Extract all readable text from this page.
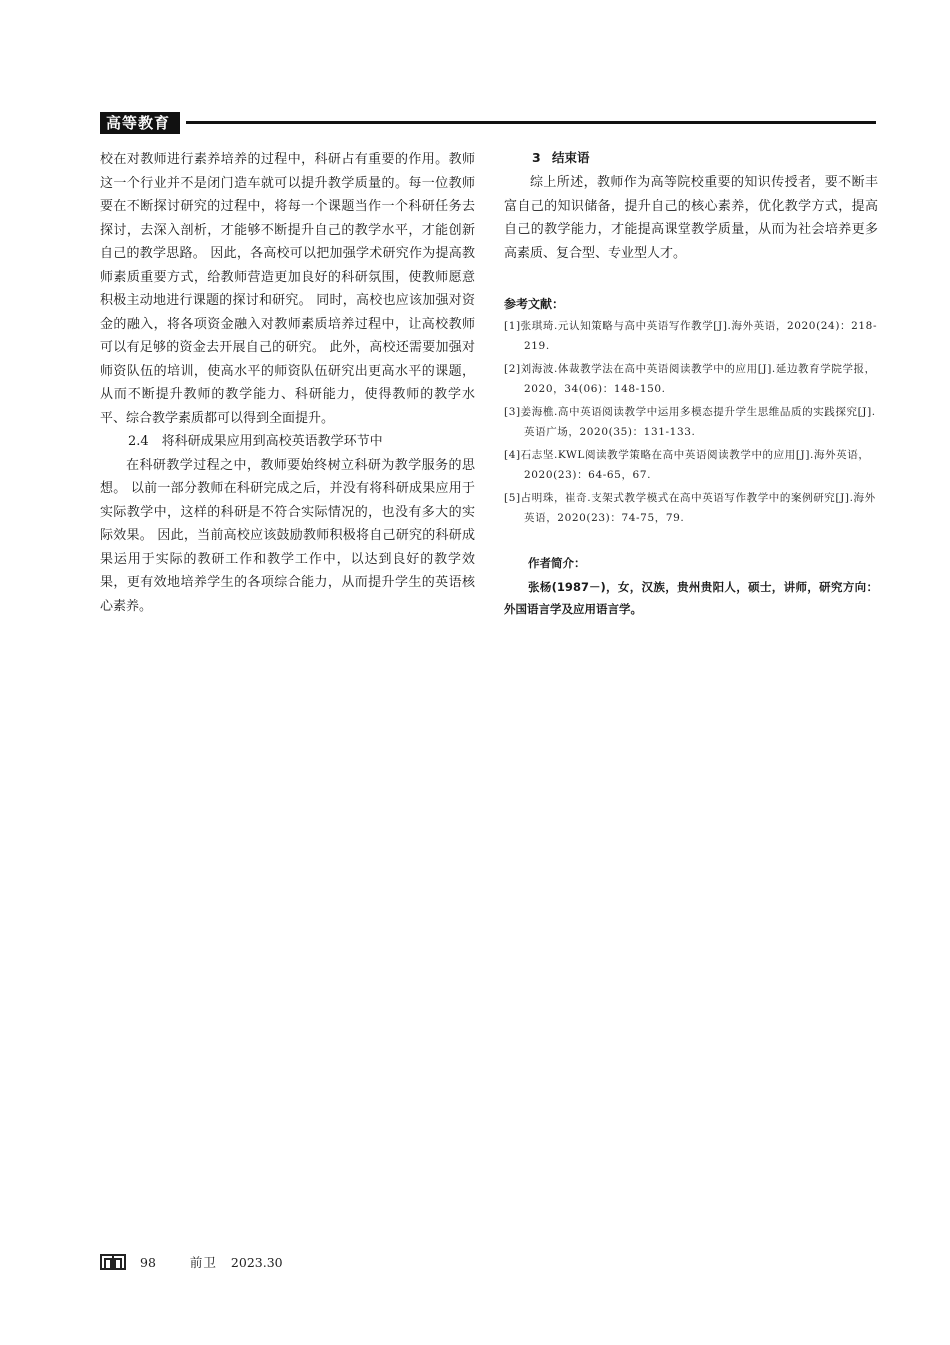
高等教育

校在对教师进行素养培养的过程中，科研占有重要的作用。教师这一个行业并不是闭门造车就可以提升教学质量的。每一位教师要在不断探讨研究的过程中，将每一个课题当作一个科研任务去探讨，去深入剖析，才能够不断提升自己的教学水平，才能创新自己的教学思路。 因此，各高校可以把加强学术研究作为提高教师素质重要方式，给教师营造更加良好的科研氛围，使教师愿意积极主动地进行课题的探讨和研究。 同时，高校也应该加强对资金的融入，将各项资金融入对教师素质培养过程中，让高校教师可以有足够的资金去开展自己的研究。 此外，高校还需要加强对师资队伍的培训，使高水平的师资队伍研究出更高水平的课题，从而不断提升教师的教学能力、科研能力，使得教师的教学水平、综合教学素质都可以得到全面提升。

2.4　将科研成果应用到高校英语教学环节中

在科研教学过程之中，教师要始终树立科研为教学服务的思想。 以前一部分教师在科研完成之后，并没有将科研成果应用于实际教学中，这样的科研是不符合实际情况的，也没有多大的实际效果。 因此，当前高校应该鼓励教师积极将自己研究的科研成果运用于实际的教研工作和教学工作中，以达到良好的教学效果，更有效地培养学生的各项综合能力，从而提升学生的英语核心素养。

3 结束语

综上所述，教师作为高等院校重要的知识传授者，要不断丰富自己的知识储备，提升自己的核心素养，优化教学方式，提高自己的教学能力，才能提高课堂教学质量，从而为社会培养更多高素质、复合型、专业型人才。

参考文献：

[1]张琪琦.元认知策略与高中英语写作教学[J].海外英语，2020(24)：218-219.

[2]刘海波.体裁教学法在高中英语阅读教学中的应用[J].延边教育学院学报，2020，34(06)：148-150.

[3]姜海樵.高中英语阅读教学中运用多模态提升学生思维品质的实践探究[J].英语广场，2020(35)：131-133.

[4]石志坚.KWL阅读教学策略在高中英语阅读教学中的应用[J].海外英语，2020(23)：64-65，67.

[5]占明珠，崔奇.支架式教学模式在高中英语写作教学中的案例研究[J].海外英语，2020(23)：74-75，79.

作者简介：

张杨(1987－)，女，汉族，贵州贵阳人，硕士，讲师，研究方向：外国语言学及应用语言学。

98	前卫 2023.30
